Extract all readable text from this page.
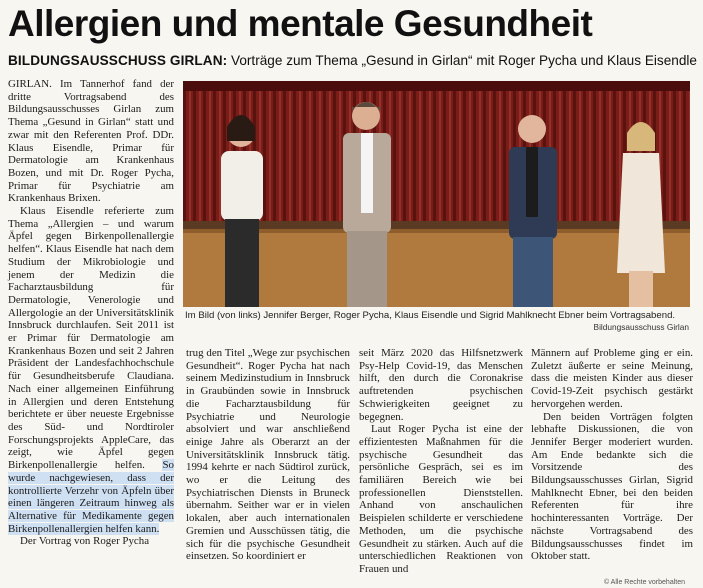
Allergien und mentale Gesundheit
BILDUNGSAUSSCHUSS GIRLAN: Vorträge zum Thema „Gesund in Girlan“ mit Roger Pycha und Klaus Eisendle

GIRLAN. Im Tannerhof fand der dritte Vortragsabend des Bildungsausschusses Girlan zum Thema „Gesund in Girlan“ statt und zwar mit den Referenten Prof. DDr. Klaus Eisendle, Primar für Dermatologie am Krankenhaus Bozen, und mit Dr. Roger Pycha, Primar für Psychiatrie am Krankenhaus Brixen.

Klaus Eisendle referierte zum Thema „Allergien – und warum Äpfel gegen Birkenpollenallergie helfen“. Klaus Eisendle hat nach dem Studium der Mikrobiologie und jenem der Medizin die Facharztausbildung für Dermatologie, Venerologie und Allergologie an der Universitätsklinik Innsbruck durchlaufen. Seit 2011 ist er Primar für Dermatologie am Krankenhaus Bozen und seit 2 Jahren Präsident der Landesfachhochschule für Gesundheitsberufe Claudiana. Nach einer allgemeinen Einführung in Allergien und deren Entstehung berichtete er über neueste Ergebnisse des Süd- und Nordtiroler Forschungsprojekts AppleCare, das zeigt, wie Äpfel gegen Birkenpollenallergie helfen. So wurde nachgewiesen, dass der kontrollierte Verzehr von Äpfeln über einen längeren Zeitraum hinweg als Alternative für Medikamente gegen Birkenpollenallergien helfen kann.

Der Vortrag von Roger Pycha

Im Bild (von links) Jennifer Berger, Roger Pycha, Klaus Eisendle und Sigrid Mahlknecht Ebner beim Vortragsabend.
Bildungsausschuss Girlan

trug den Titel „Wege zur psychischen Gesundheit“. Roger Pycha hat nach seinem Medizinstudium in Innsbruck in Graubünden sowie in Innsbruck die Facharztausbildung für Psychiatrie und Neurologie absolviert und war anschließend einige Jahre als Oberarzt an der Universitätsklinik Innsbruck tätig. 1994 kehrte er nach Südtirol zurück, wo er die Leitung des Psychiatrischen Diensts in Bruneck übernahm. Seither war er in vielen lokalen, aber auch internationalen Gremien und Ausschüssen tätig, die sich für die psychische Gesundheit einsetzen. So koordiniert er

seit März 2020 das Hilfsnetzwerk Psy-Help Covid-19, das Menschen hilft, den durch die Coronakrise auftretenden psychischen Schwierigkeiten geeignet zu begegnen.

Laut Roger Pycha ist eine der effizientesten Maßnahmen für die psychische Gesundheit das persönliche Gespräch, sei es im familiären Bereich wie bei professionellen Dienststellen. Anhand von anschaulichen Beispielen schilderte er verschiedene Methoden, um die psychische Gesundheit zu stärken. Auch auf die unterschiedlichen Reaktionen von Frauen und

Männern auf Probleme ging er ein. Zuletzt äußerte er seine Meinung, dass die meisten Kinder aus dieser Covid-19-Zeit psychisch gestärkt hervorgehen werden.

Den beiden Vorträgen folgten lebhafte Diskussionen, die von Jennifer Berger moderiert wurden. Am Ende bedankte sich die Vorsitzende des Bildungsausschusses Girlan, Sigrid Mahlknecht Ebner, bei den beiden Referenten für ihre hochinteressanten Vorträge. Der nächste Vortragsabend des Bildungsausschusses findet im Oktober statt.

© Alle Rechte vorbehalten
